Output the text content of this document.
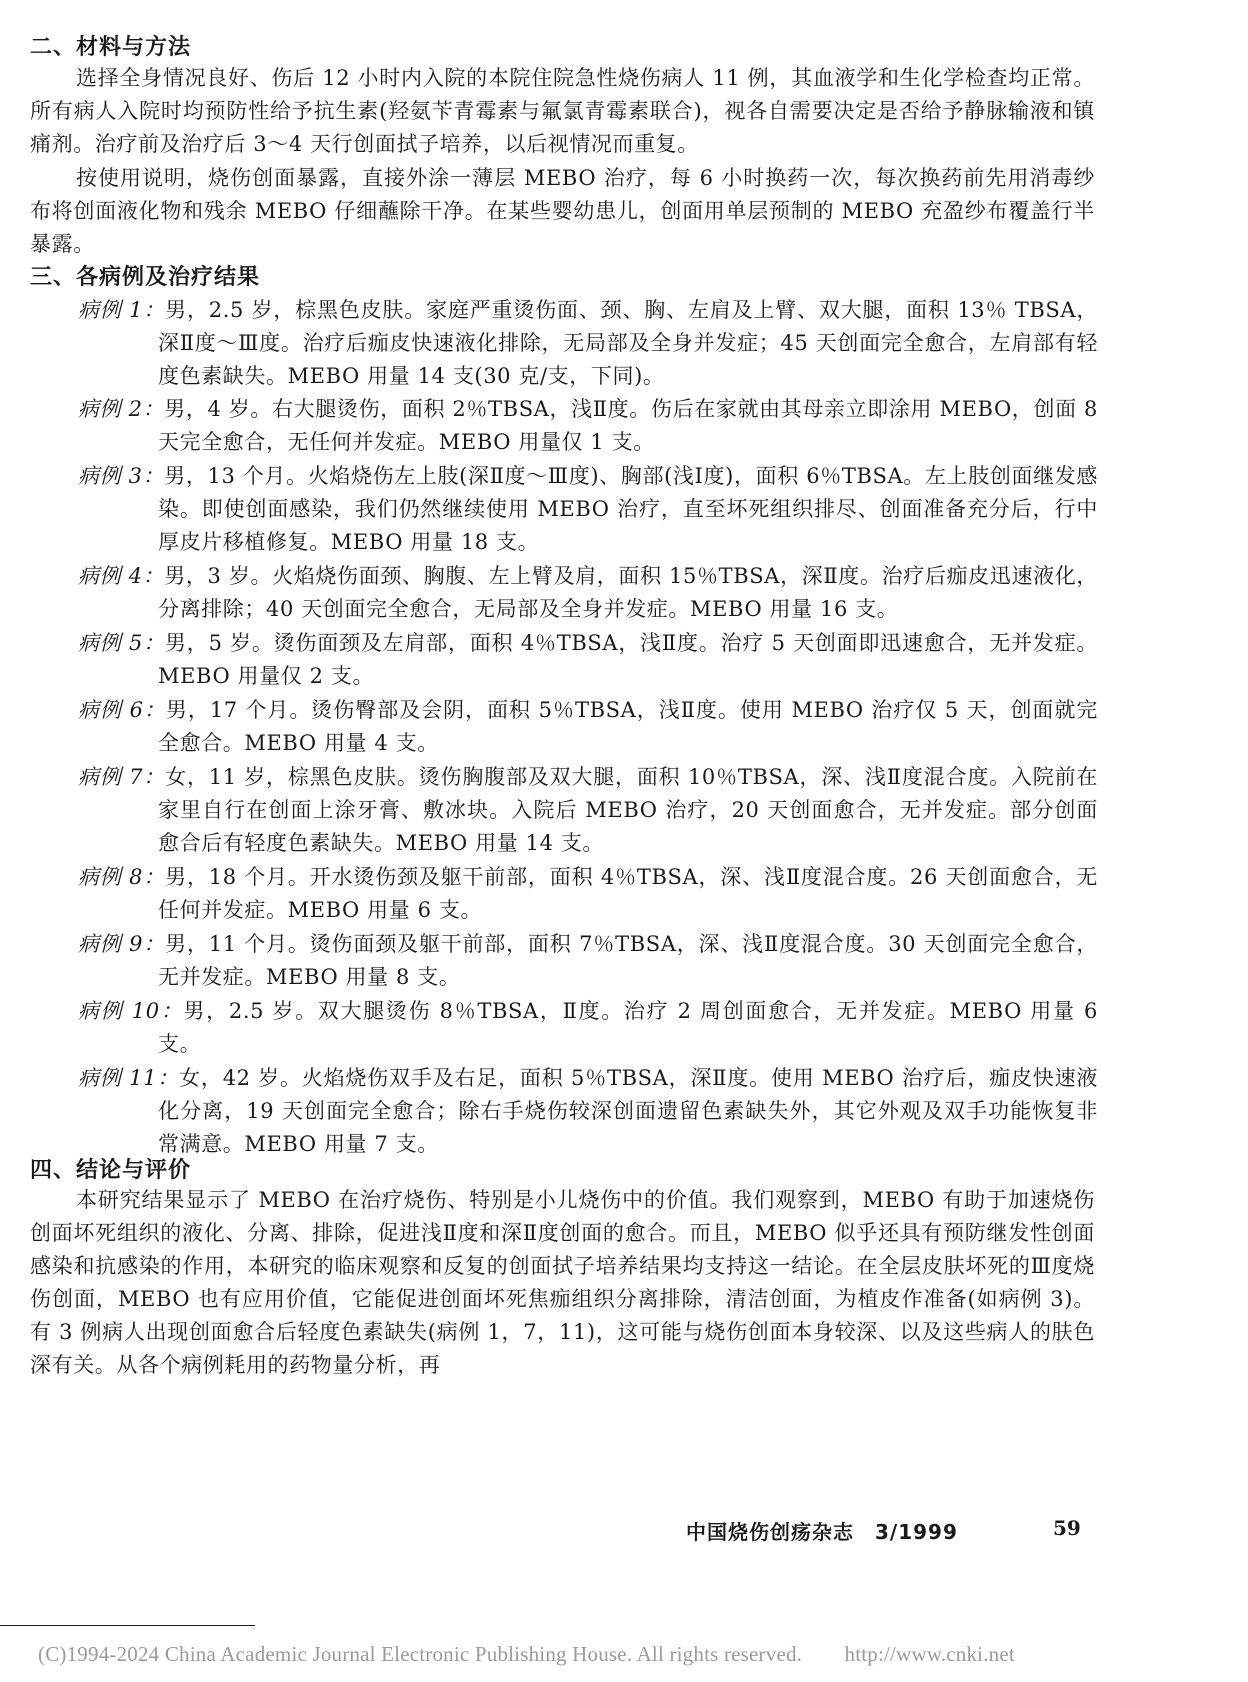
二、材料与方法

选择全身情况良好、伤后 12 小时内入院的本院住院急性烧伤病人 11 例，其血液学和生化学检查均正常。所有病人入院时均预防性给予抗生素(羟氨苄青霉素与氟氯青霉素联合)，视各自需要决定是否给予静脉输液和镇痛剂。治疗前及治疗后 3～4 天行创面拭子培养，以后视情况而重复。

按使用说明，烧伤创面暴露，直接外涂一薄层 MEBO 治疗，每 6 小时换药一次，每次换药前先用消毒纱布将创面液化物和残余 MEBO 仔细蘸除干净。在某些婴幼患儿，创面用单层预制的 MEBO 充盈纱布覆盖行半暴露。

三、各病例及治疗结果

病例 1：男，2.5 岁，棕黑色皮肤。家庭严重烫伤面、颈、胸、左肩及上臂、双大腿，面积 13％ TBSA，深Ⅱ度～Ⅲ度。治疗后痂皮快速液化排除，无局部及全身并发症；45 天创面完全愈合，左肩部有轻度色素缺失。MEBO 用量 14 支(30 克/支，下同)。

病例 2：男，4 岁。右大腿烫伤，面积 2％TBSA，浅Ⅱ度。伤后在家就由其母亲立即涂用 MEBO，创面 8 天完全愈合，无任何并发症。MEBO 用量仅 1 支。

病例 3：男，13 个月。火焰烧伤左上肢(深Ⅱ度～Ⅲ度)、胸部(浅Ⅰ度)，面积 6％TBSA。左上肢创面继发感染。即使创面感染，我们仍然继续使用 MEBO 治疗，直至坏死组织排尽、创面准备充分后，行中厚皮片移植修复。MEBO 用量 18 支。

病例 4：男，3 岁。火焰烧伤面颈、胸腹、左上臂及肩，面积 15％TBSA，深Ⅱ度。治疗后痂皮迅速液化，分离排除；40 天创面完全愈合，无局部及全身并发症。MEBO 用量 16 支。

病例 5：男，5 岁。烫伤面颈及左肩部，面积 4％TBSA，浅Ⅱ度。治疗 5 天创面即迅速愈合，无并发症。MEBO 用量仅 2 支。

病例 6：男，17 个月。烫伤臀部及会阴，面积 5％TBSA，浅Ⅱ度。使用 MEBO 治疗仅 5 天，创面就完全愈合。MEBO 用量 4 支。

病例 7：女，11 岁，棕黑色皮肤。烫伤胸腹部及双大腿，面积 10％TBSA，深、浅Ⅱ度混合度。入院前在家里自行在创面上涂牙膏、敷冰块。入院后 MEBO 治疗，20 天创面愈合，无并发症。部分创面愈合后有轻度色素缺失。MEBO 用量 14 支。

病例 8：男，18 个月。开水烫伤颈及躯干前部，面积 4％TBSA，深、浅Ⅱ度混合度。26 天创面愈合，无任何并发症。MEBO 用量 6 支。

病例 9：男，11 个月。烫伤面颈及躯干前部，面积 7％TBSA，深、浅Ⅱ度混合度。30 天创面完全愈合，无并发症。MEBO 用量 8 支。

病例 10：男，2.5 岁。双大腿烫伤 8％TBSA，Ⅱ度。治疗 2 周创面愈合，无并发症。MEBO 用量 6 支。

病例 11：女，42 岁。火焰烧伤双手及右足，面积 5％TBSA，深Ⅱ度。使用 MEBO 治疗后，痂皮快速液化分离，19 天创面完全愈合；除右手烧伤较深创面遗留色素缺失外，其它外观及双手功能恢复非常满意。MEBO 用量 7 支。

四、结论与评价

本研究结果显示了 MEBO 在治疗烧伤、特别是小儿烧伤中的价值。我们观察到，MEBO 有助于加速烧伤创面坏死组织的液化、分离、排除，促进浅Ⅱ度和深Ⅱ度创面的愈合。而且，MEBO 似乎还具有预防继发性创面感染和抗感染的作用，本研究的临床观察和反复的创面拭子培养结果均支持这一结论。在全层皮肤坏死的Ⅲ度烧伤创面，MEBO 也有应用价值，它能促进创面坏死焦痂组织分离排除，清洁创面，为植皮作准备(如病例 3)。有 3 例病人出现创面愈合后轻度色素缺失(病例 1，7，11)，这可能与烧伤创面本身较深、以及这些病人的肤色深有关。从各个病例耗用的药物量分析，再

中国烧伤创疡杂志　3/1999	59
(C)1994-2024 China Academic Journal Electronic Publishing House. All rights reserved.　　http://www.cnki.net
